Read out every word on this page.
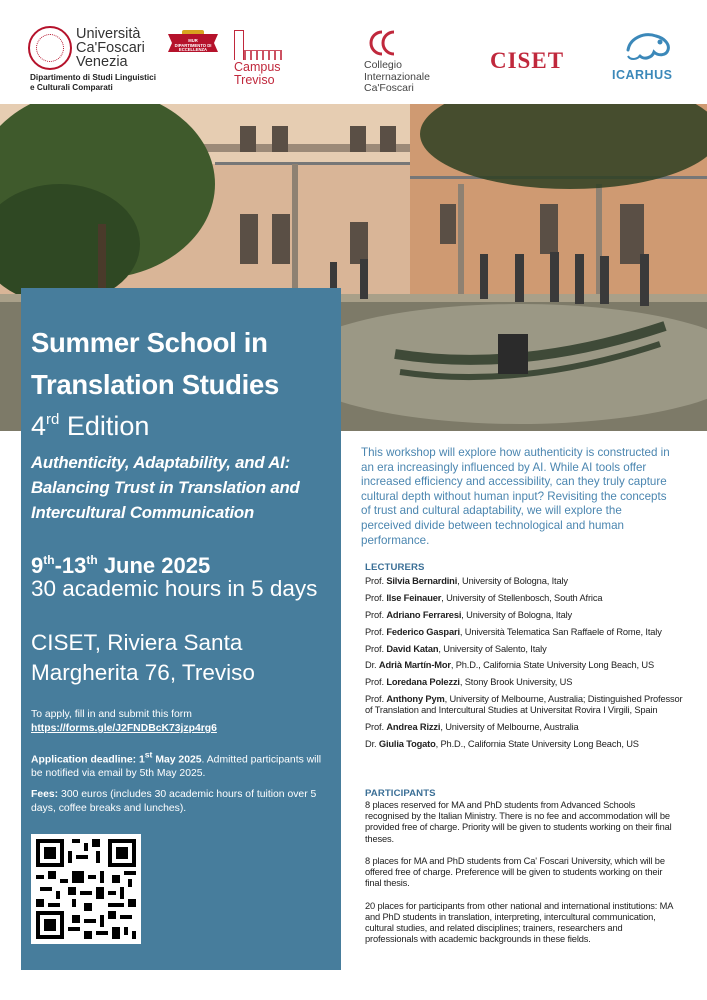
Università
Ca'Foscari
Venezia
Dipartimento di Studi Linguistici
e Culturali Comparati
MUR DIPARTIMENTO DI ECCELLENZA
Campus
Treviso
Collegio
Internazionale
Ca'Foscari
CISET
ICARHUS
Summer School in Translation Studies
4rd Edition
Authenticity, Adaptability, and AI: Balancing Trust in Translation and Intercultural Communication
9th-13th June 2025
30 academic hours in 5 days
CISET, Riviera Santa Margherita 76, Treviso
To apply, fill in and submit this form
https://forms.gle/J2FNDBcK73jzp4rg6
Application deadline: 1st May 2025. Admitted participants will be notified via email by 5th May 2025.
Fees: 300 euros (includes 30 academic hours of tuition over 5 days, coffee breaks and lunches).

This workshop will explore how authenticity is constructed in an era increasingly influenced by AI. While AI tools offer increased efficiency and accessibility, can they truly capture cultural depth without human input? Revisiting the concepts of trust and cultural adaptability, we will explore the perceived divide between technological and human performance.

LECTURERS
Prof. Silvia Bernardini, University of Bologna, Italy
Prof. Ilse Feinauer, University of Stellenbosch, South Africa
Prof. Adriano Ferraresi, University of Bologna, Italy
Prof. Federico Gaspari, Università Telematica San Raffaele of Rome, Italy
Prof. David Katan, University of Salento, Italy
Dr. Adrià Martín-Mor, Ph.D., California State University Long Beach, US
Prof. Loredana Polezzi, Stony Brook University, US
Prof. Anthony Pym, University of Melbourne, Australia; Distinguished Professor of Translation and Intercultural Studies at Universitat Rovira I Virgili, Spain
Prof. Andrea Rizzi, University of Melbourne, Australia
Dr. Giulia Togato, Ph.D., California State University Long Beach, US
PARTICIPANTS

8 places reserved for MA and PhD students from Advanced Schools recognised by the Italian Ministry. There is no fee and accommodation will be provided free of charge. Priority will be given to students working on their final theses.

8 places for MA and PhD students from Ca' Foscari University, which will be offered free of charge. Preference will be given to students working on their final thesis.

20 places for participants from other national and international institutions: MA and PhD students in translation, interpreting, intercultural communication, cultural studies, and related disciplines; trainers, researchers and professionals with academic backgrounds in these fields.
